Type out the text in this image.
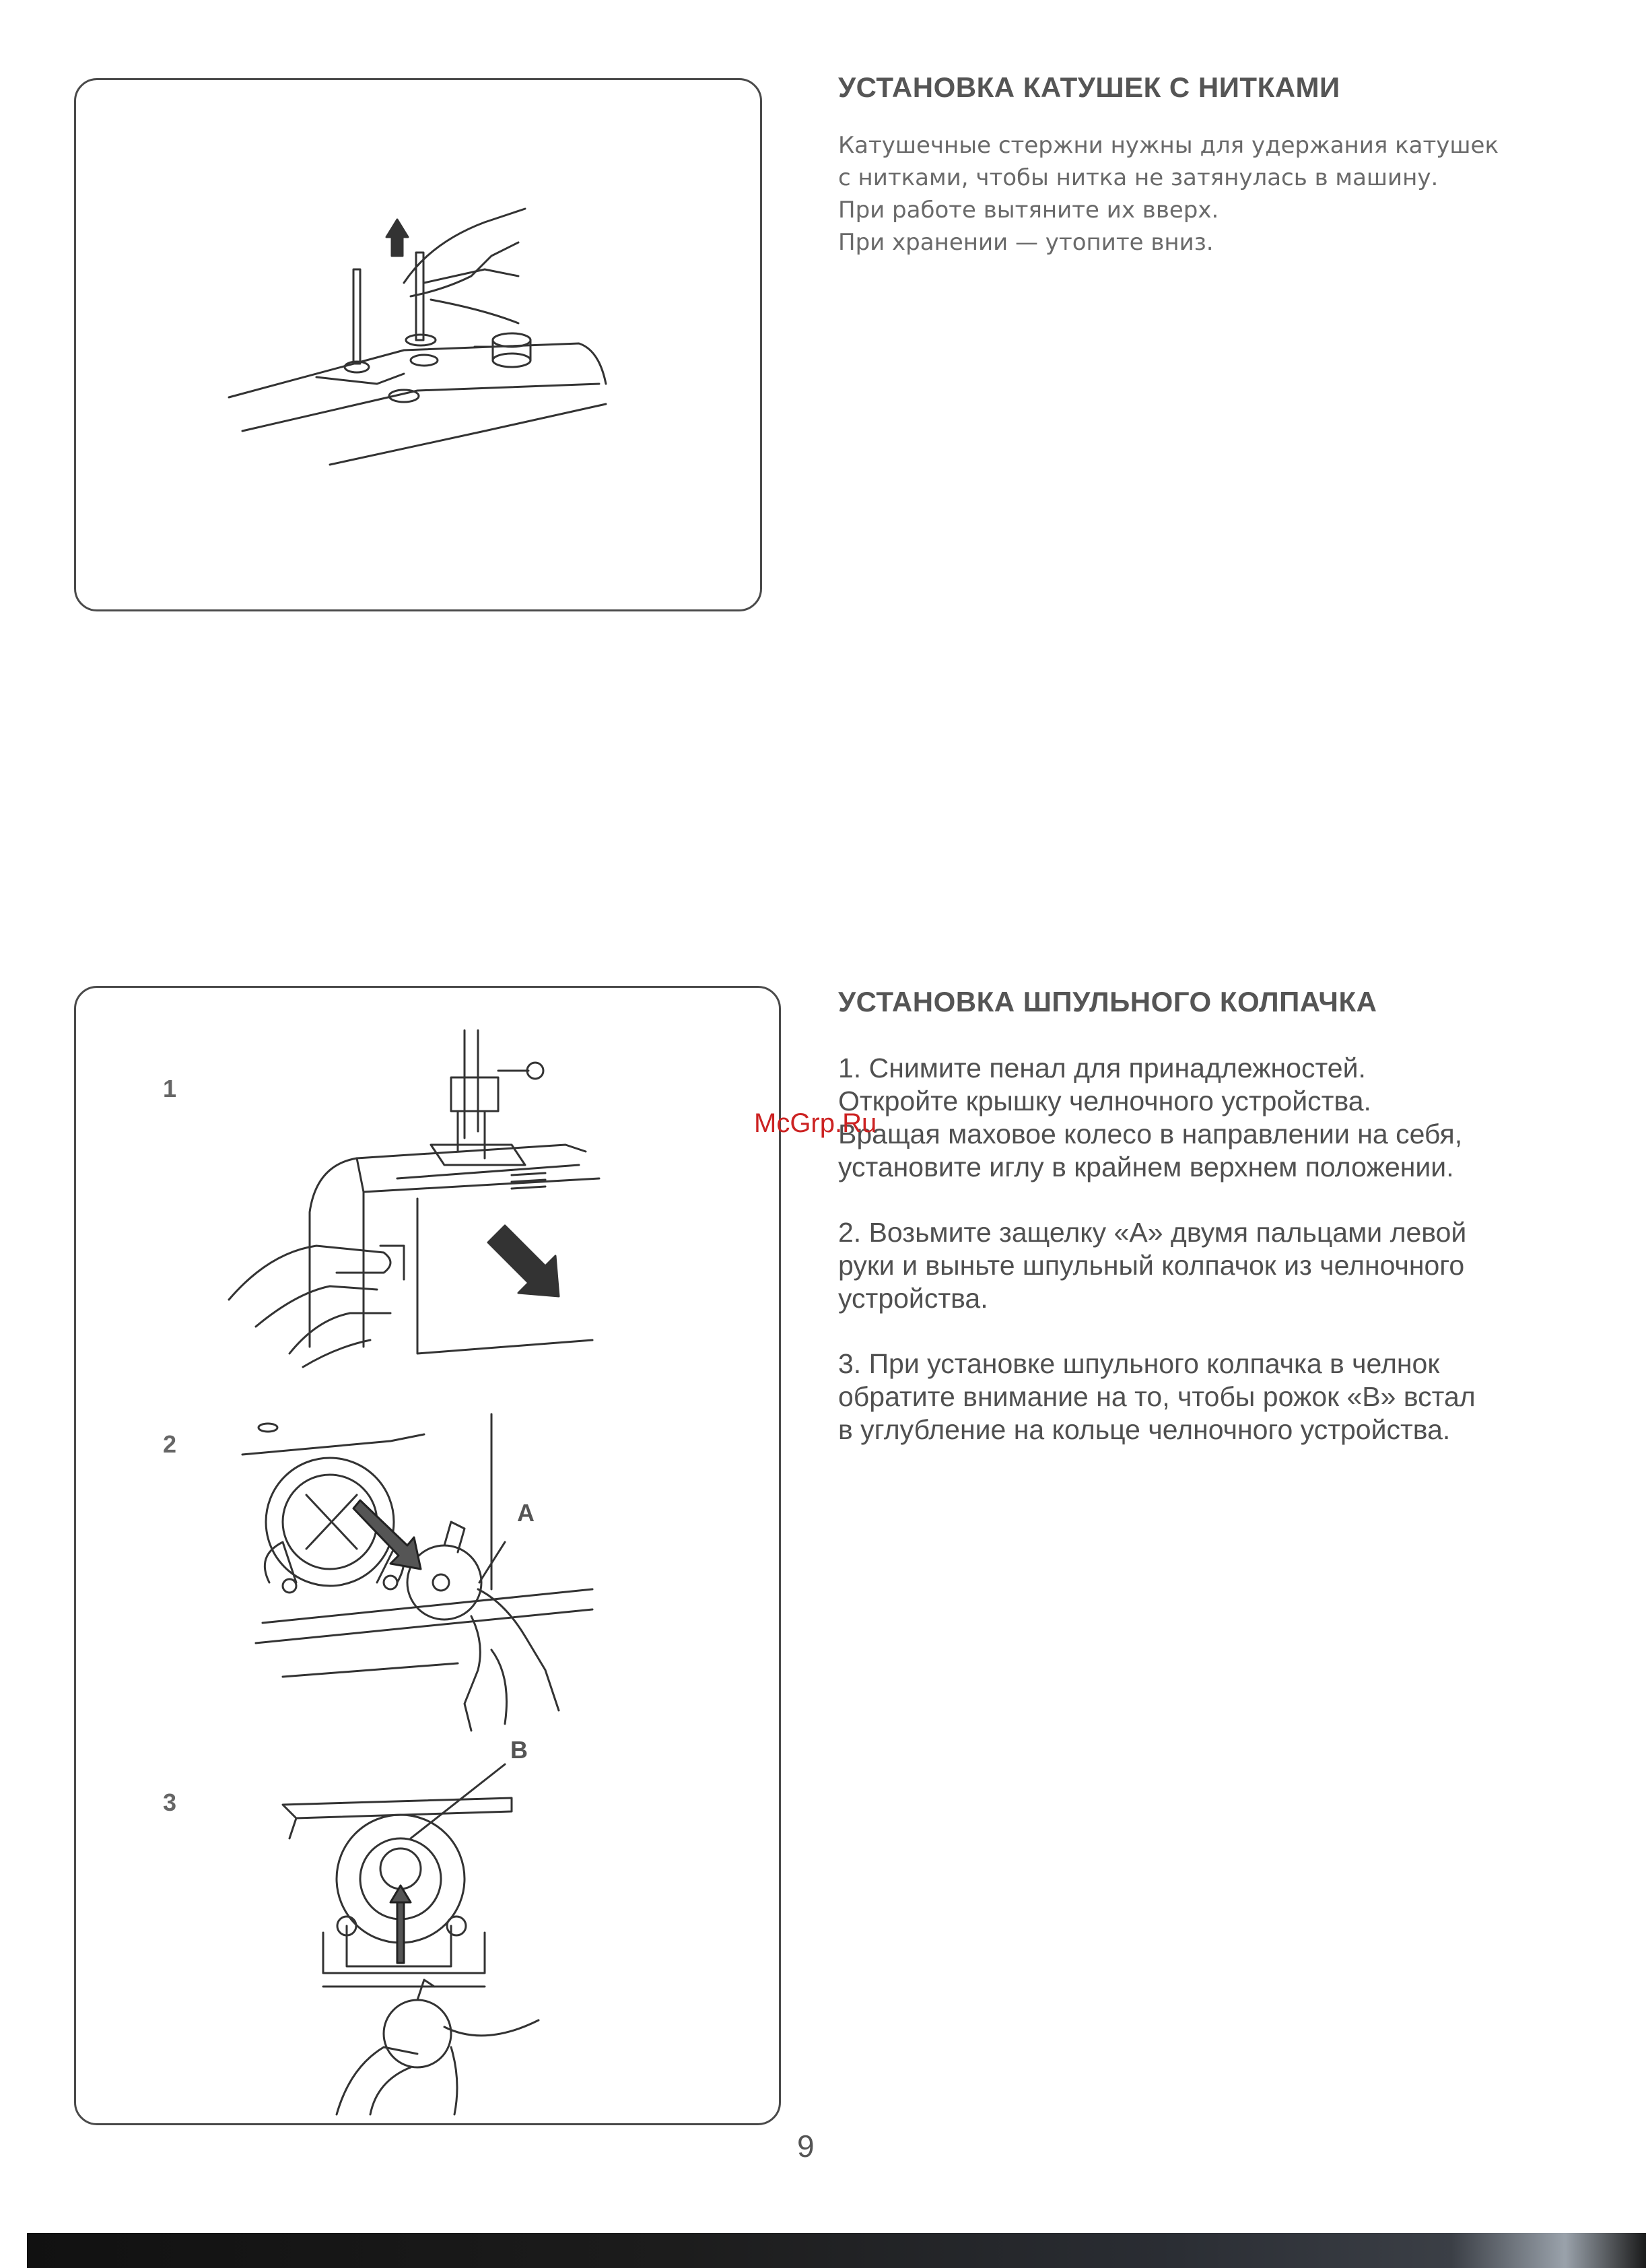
УСТАНОВКА КАТУШЕК С НИТКАМИ
Катушечные стержни нужны для удержания катушек
с нитками, чтобы нитка не затянулась в машину.
При работе вытяните их вверх.
При хранении — утопите вниз.
1
2
3
A
B
УСТАНОВКА ШПУЛЬНОГО КОЛПАЧКА
1. Снимите пенал для принадлежностей.
Откройте крышку челночного устройства.
Вращая маховое колесо в направлении на себя,
установите иглу в крайнем верхнем положении.
2. Возьмите защелку «А» двумя пальцами левой
руки и выньте шпульный колпачок из челночного
устройства.
3. При установке шпульного колпачка в челнок
обратите внимание на то, чтобы рожок «В» встал
в углубление на кольце челночного устройства.
McGrp.Ru
9
